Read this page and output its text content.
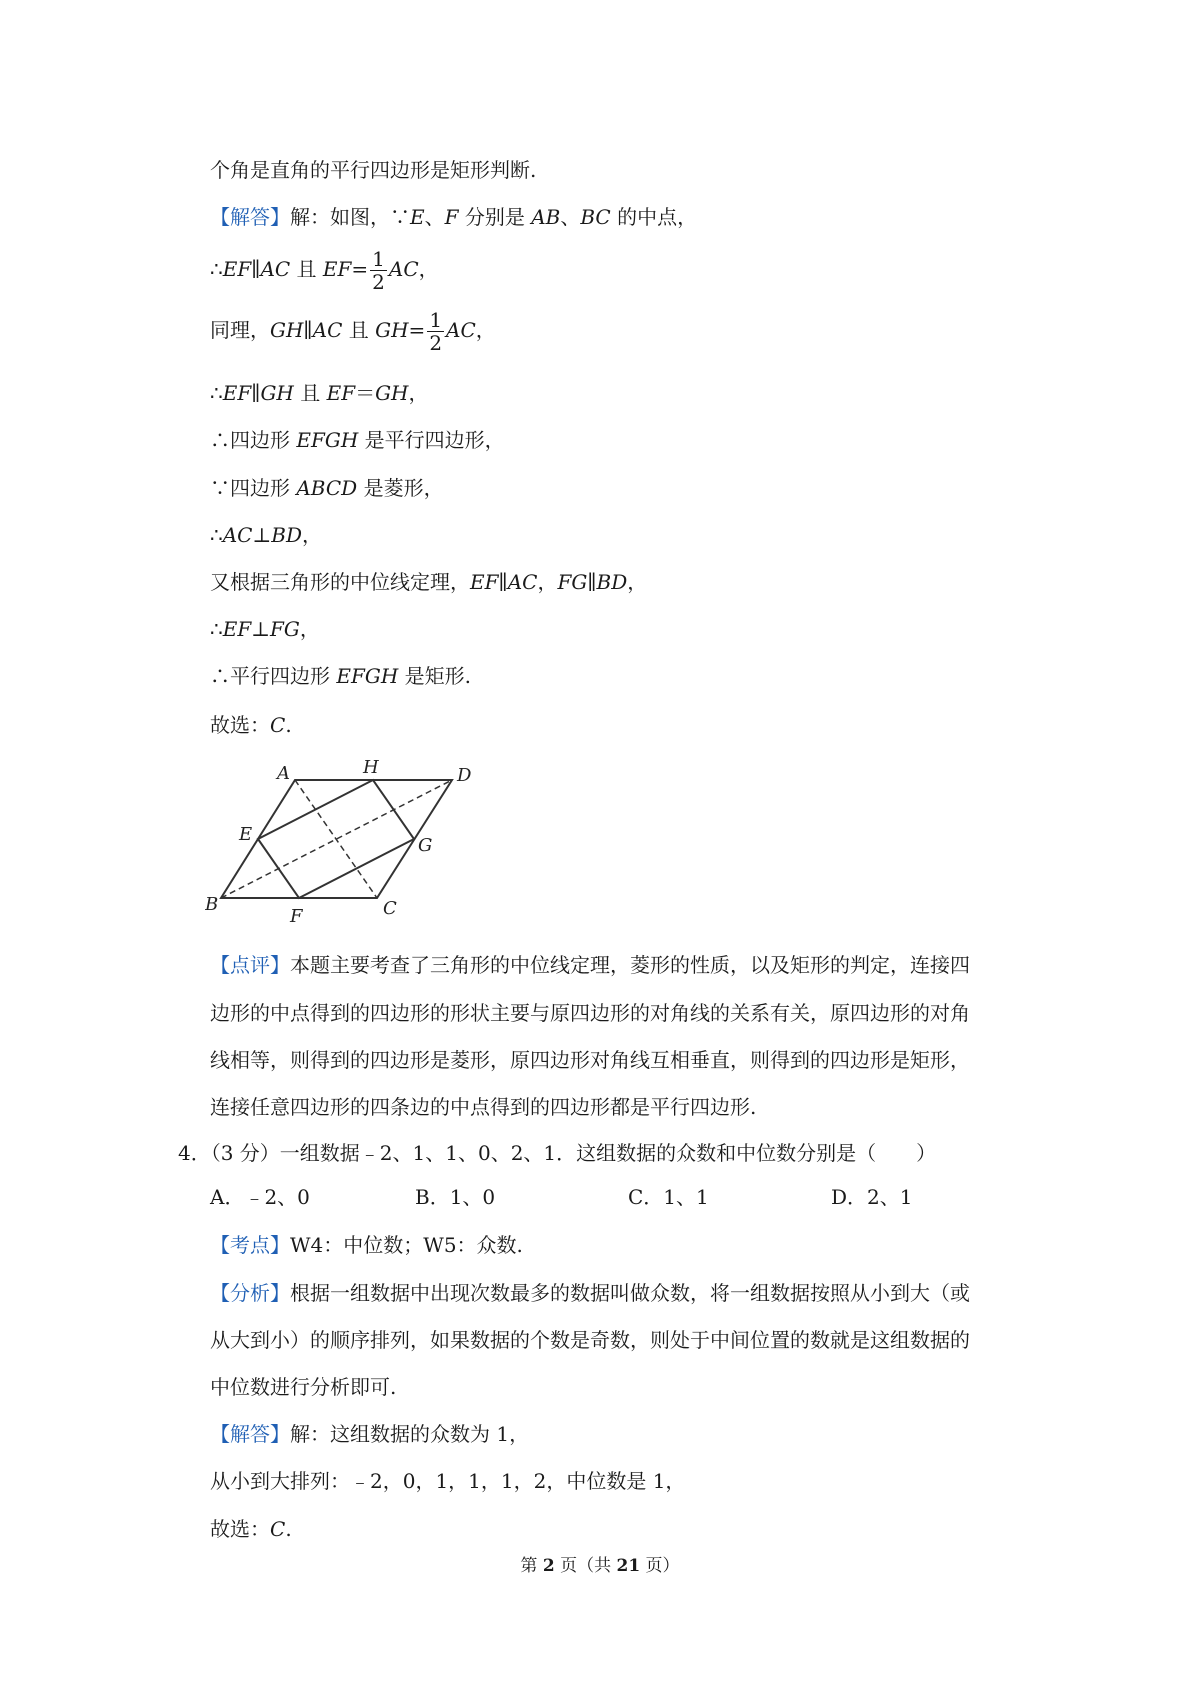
个角是直角的平行四边形是矩形判断.
【解答】解：如图，∵E、F 分别是 AB、BC 的中点，
∴EF∥AC 且 $EF= \frac{1}{2}$ AC，
同理，GH∥AC 且 $GH= \frac{1}{2}$ AC，
∴EF∥GH 且 EF＝GH，
∴四边形 EFGH 是平行四边形，
∵四边形 ABCD 是菱形，
∴AC⊥BD，
又根据三角形的中位线定理，EF∥AC，FG∥BD，
∴EF⊥FG，
∴平行四边形 EFGH 是矩形.
故选：C.
A	H	D
E
G
B
F	C
【点评】本题主要考查了三角形的中位线定理，菱形的性质，以及矩形的判定，连接四
边形的中点得到的四边形的形状主要与原四边形的对角线的关系有关，原四边形的对角
线相等，则得到的四边形是菱形，原四边形对角线互相垂直，则得到的四边形是矩形，
连接任意四边形的四条边的中点得到的四边形都是平行四边形.
4．（3 分）一组数据﹣2、1、1、0、2、1．这组数据的众数和中位数分别是（　　）
A．﹣2、0	B．1、0	C．1、1	D．2、1
【考点】W4：中位数；W5：众数.
【分析】根据一组数据中出现次数最多的数据叫做众数，将一组数据按照从小到大（或
从大到小）的顺序排列，如果数据的个数是奇数，则处于中间位置的数就是这组数据的
中位数进行分析即可.
【解答】解：这组数据的众数为 1，
从小到大排列：﹣2，0，1，1，1，2，中位数是 1，
故选：C.
第 2 页（共 21 页）
